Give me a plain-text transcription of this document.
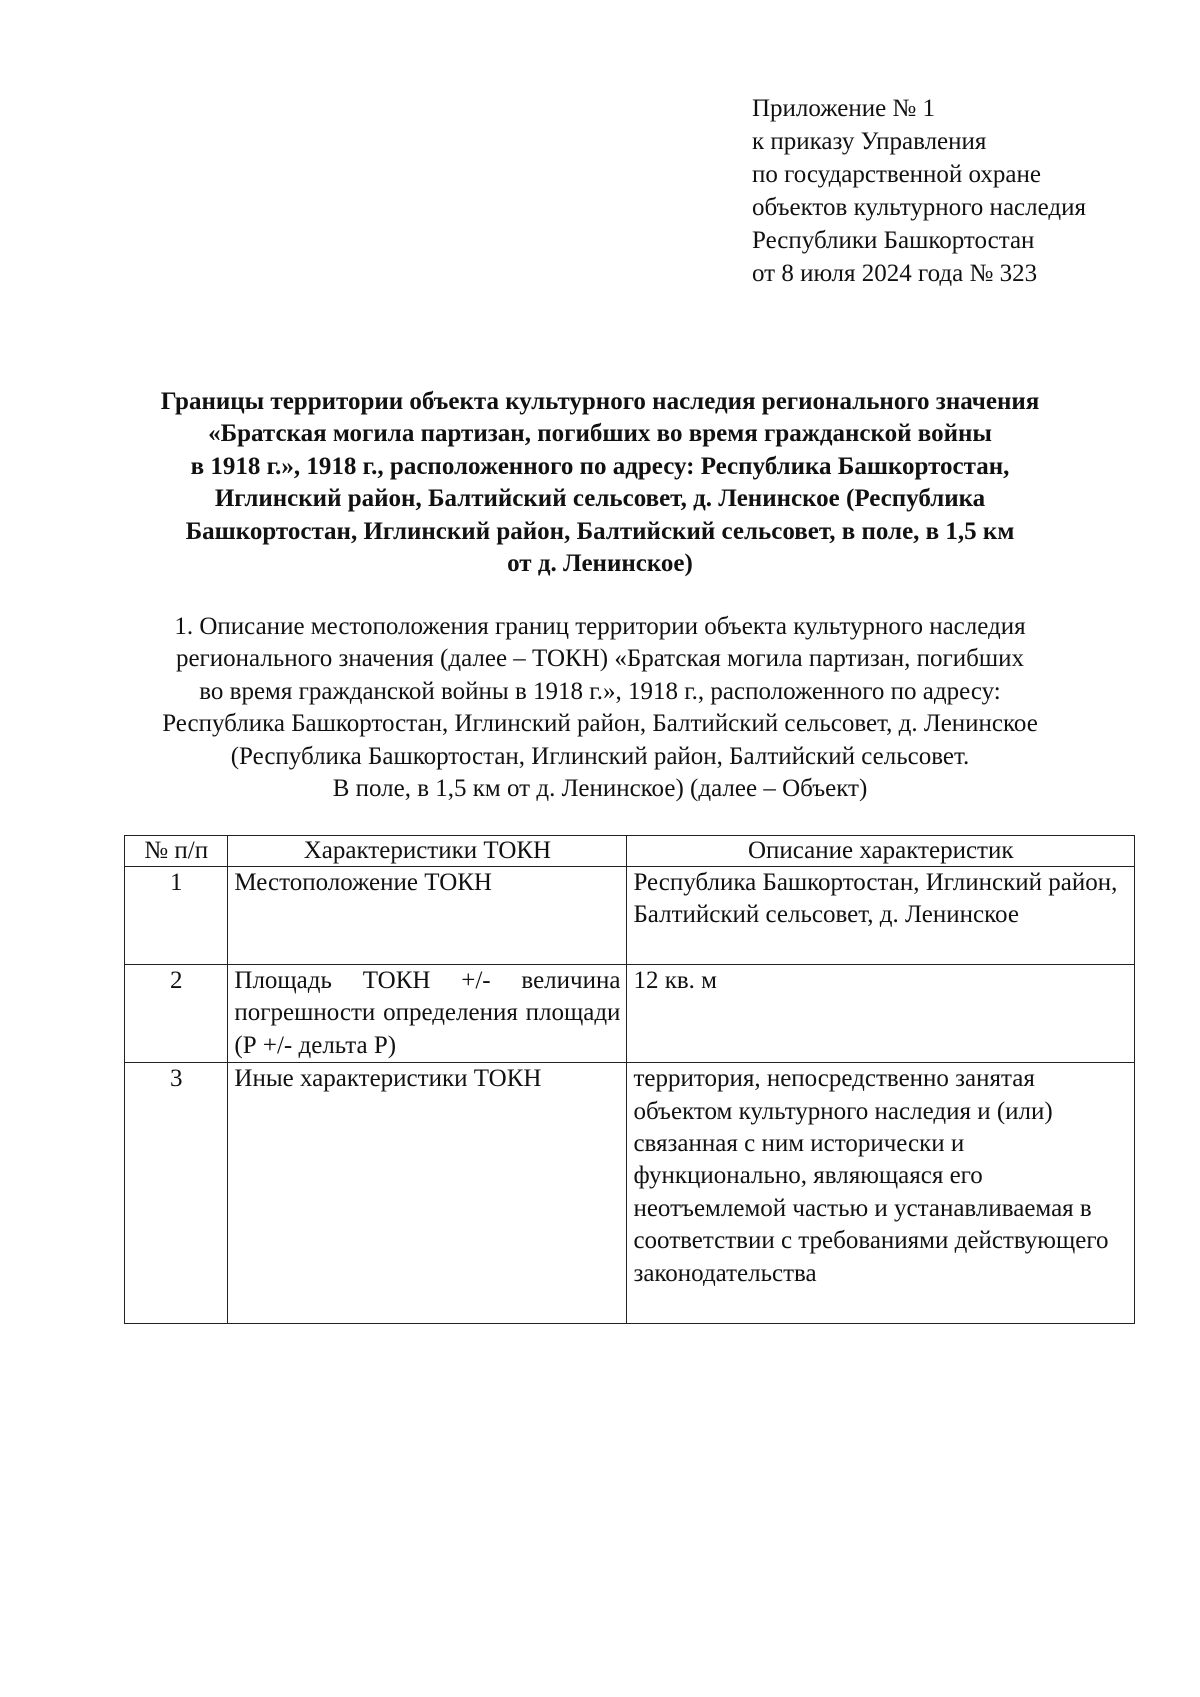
Приложение № 1
к приказу Управления
по государственной охране
объектов культурного наследия
Республики Башкортостан
от 8 июля 2024 года № 323
Границы территории объекта культурного наследия регионального значения
«Братская могила партизан, погибших во время гражданской войны
в 1918 г.», 1918 г., расположенного по адресу: Республика Башкортостан,
Иглинский район, Балтийский сельсовет, д. Ленинское (Республика
Башкортостан, Иглинский район, Балтийский сельсовет, в поле, в 1,5 км
от д. Ленинское)
1. Описание местоположения границ территории объекта культурного наследия
регионального значения (далее – ТОКН) «Братская могила партизан, погибших
во время гражданской войны в 1918 г.», 1918 г., расположенного по адресу:
Республика Башкортостан, Иглинский район, Балтийский сельсовет, д. Ленинское
(Республика Башкортостан, Иглинский район, Балтийский сельсовет.
В поле, в 1,5 км от д. Ленинское) (далее – Объект)
№ п/п	Характеристики ТОКН	Описание характеристик
1	Местоположение ТОКН	Республика Башкортостан, Иглинский район, Балтийский сельсовет, д. Ленинское
2	Площадь ТОКН +/- величина погрешности определения площади (Р +/- дельта Р)	12 кв. м
3	Иные характеристики ТОКН	территория, непосредственно занятая объектом культурного наследия и (или) связанная с ним исторически и функционально, являющаяся его неотъемлемой частью и устанавливаемая в соответствии с требованиями действующего законодательства
